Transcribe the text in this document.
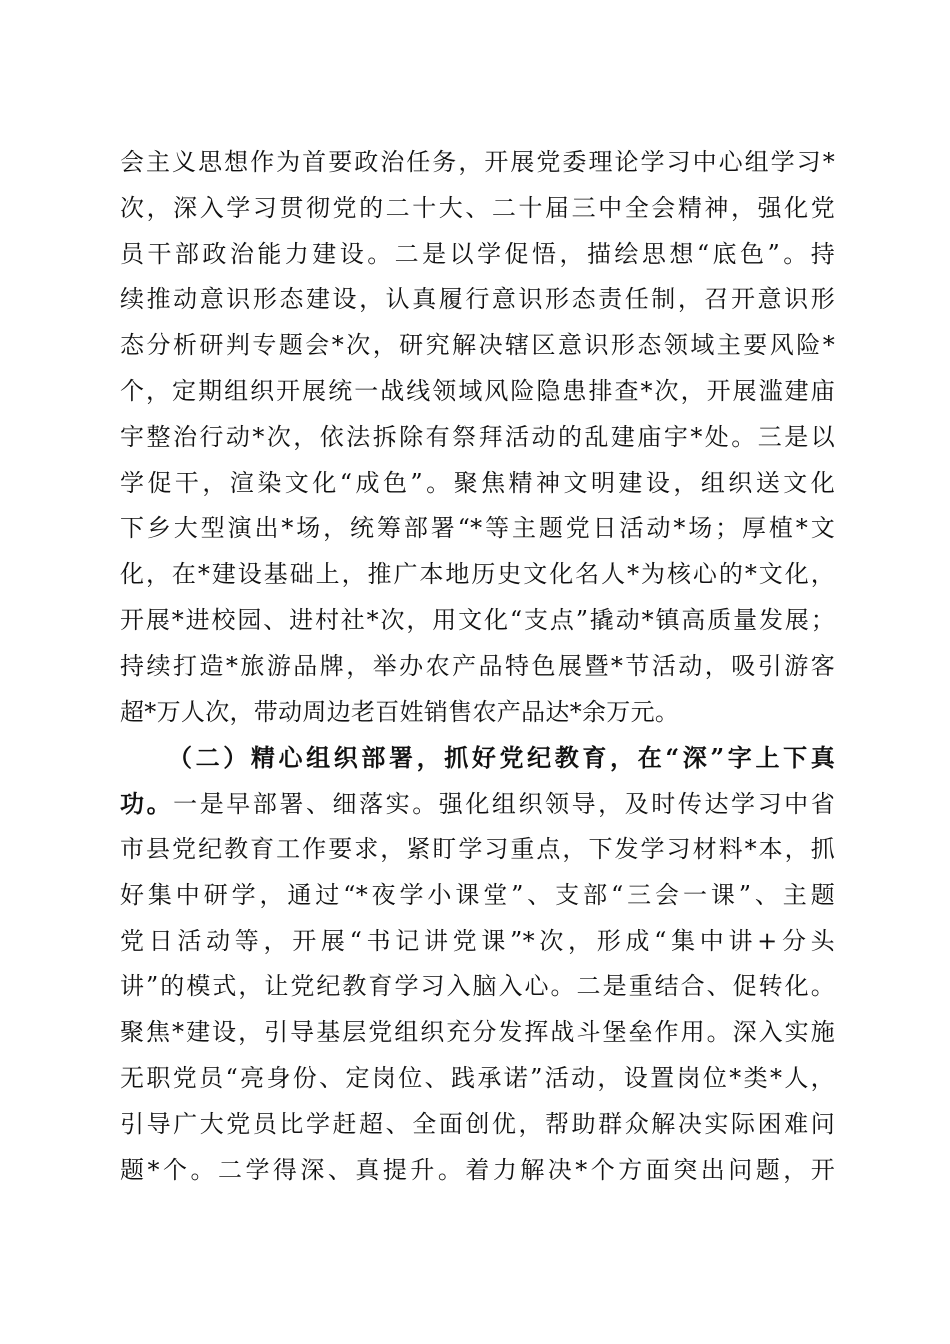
会主义思想作为首要政治任务，开展党委理论学习中心组学习*
次，深入学习贯彻党的二十大、二十届三中全会精神，强化党
员干部政治能力建设。二是以学促悟，描绘思想“底色”。持
续推动意识形态建设，认真履行意识形态责任制，召开意识形
态分析研判专题会*次，研究解决辖区意识形态领域主要风险*
个，定期组织开展统一战线领域风险隐患排查*次，开展滥建庙
宇整治行动*次，依法拆除有祭拜活动的乱建庙宇*处。三是以
学促干，渲染文化“成色”。聚焦精神文明建设，组织送文化
下乡大型演出*场，统筹部署“*等主题党日活动*场；厚植*文
化，在*建设基础上，推广本地历史文化名人*为核心的*文化，
开展*进校园、进村社*次，用文化“支点”撬动*镇高质量发展；
持续打造*旅游品牌，举办农产品特色展暨*节活动，吸引游客
超*万人次，带动周边老百姓销售农产品达*余万元。
（二）精心组织部署，抓好党纪教育，在“深”字上下真
功。一是早部署、细落实。强化组织领导，及时传达学习中省
市县党纪教育工作要求，紧盯学习重点，下发学习材料*本，抓
好集中研学，通过“*夜学小课堂”、支部“三会一课”、主题
党日活动等，开展“书记讲党课”*次，形成“集中讲+分头
讲”的模式，让党纪教育学习入脑入心。二是重结合、促转化。
聚焦*建设，引导基层党组织充分发挥战斗堡垒作用。深入实施
无职党员“亮身份、定岗位、践承诺”活动，设置岗位*类*人，
引导广大党员比学赶超、全面创优，帮助群众解决实际困难问
题*个。二学得深、真提升。着力解决*个方面突出问题，开
